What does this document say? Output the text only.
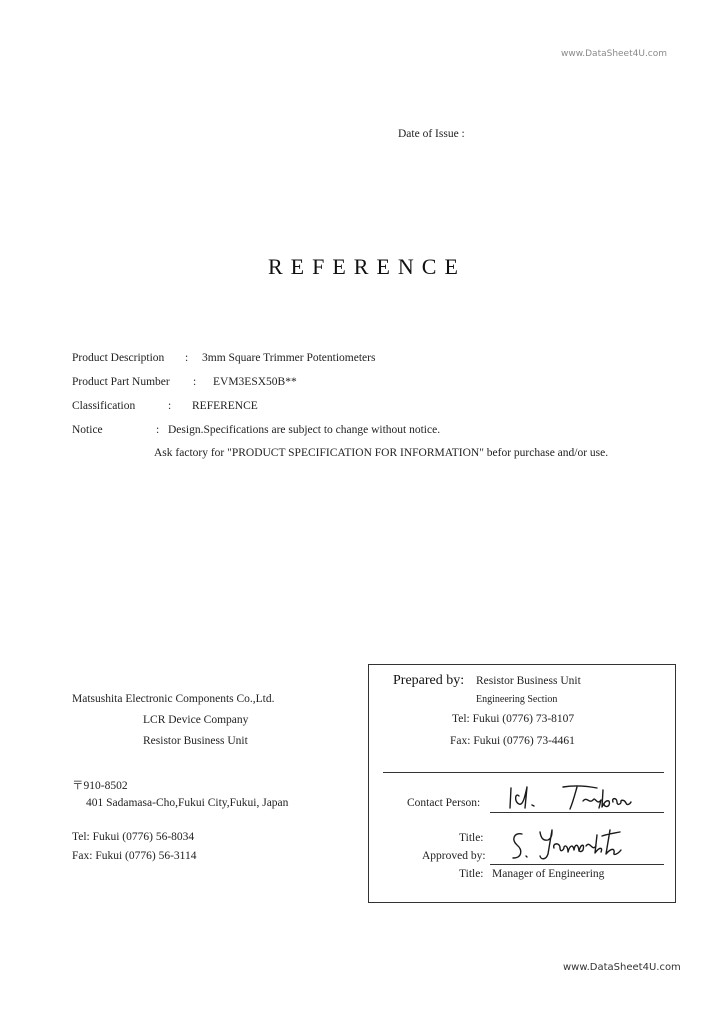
www.DataSheet4U.com
Date of Issue :
REFERENCE
Product Description : 3mm Square Trimmer Potentiometers
Product Part Number : EVM3ESX50B**
Classification	: REFERENCE
Notice	: Design.Specifications are subject to change without notice.
Ask factory for "PRODUCT SPECIFICATION FOR INFORMATION" befor purchase and/or use.
Matsushita Electronic Components Co.,Ltd.
LCR Device Company
Resistor Business Unit
〒910-8502
401 Sadamasa-Cho,Fukui City,Fukui, Japan
Tel: Fukui (0776) 56-8034
Fax: Fukui (0776) 56-3114
Prepared by: Resistor Business Unit
Engineering Section
Tel: Fukui (0776) 73-8107
Fax: Fukui (0776) 73-4461
Contact Person:
Title:
Approved by:
Title: Manager of Engineering
www.DataSheet4U.com
